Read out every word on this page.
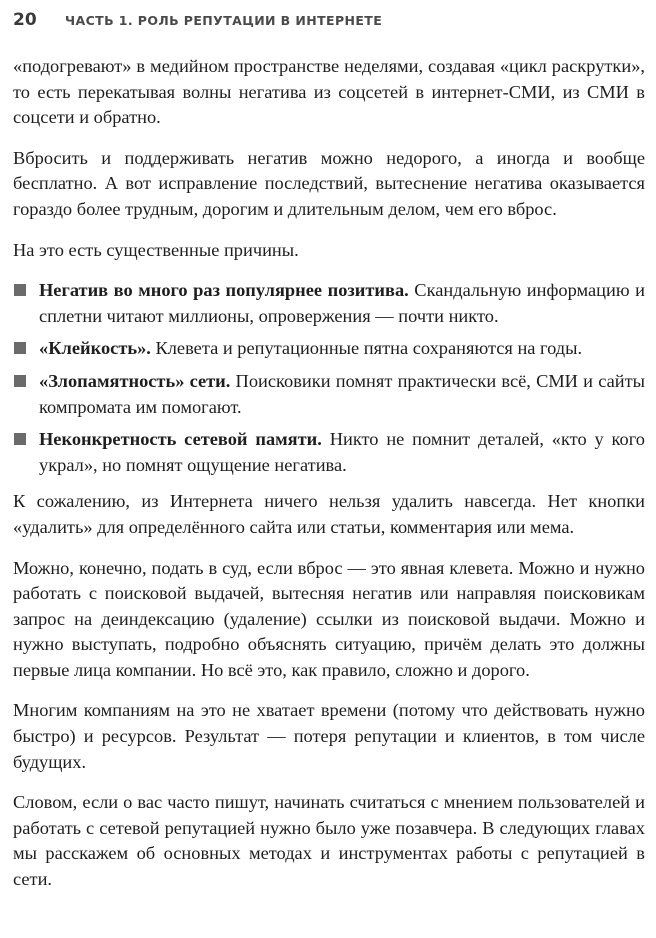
20 ЧАСТЬ 1. РОЛЬ РЕПУТАЦИИ В ИНТЕРНЕТЕ

«подогревают» в медийном пространстве неделями, создавая «цикл раскрутки», то есть перекатывая волны негатива из соцсетей в интернет-СМИ, из СМИ в соцсети и обратно.

Вбросить и поддерживать негатив можно недорого, а иногда и вообще бесплатно. А вот исправление последствий, вытеснение негатива оказывается гораздо более трудным, дорогим и длительным делом, чем его вброс.

На это есть существенные причины.

Негатив во много раз популярнее позитива. Скандальную информацию и сплетни читают миллионы, опровержения — почти никто.
«Клейкость». Клевета и репутационные пятна сохраняются на годы.
«Злопамятность» сети. Поисковики помнят практически всё, СМИ и сайты компромата им помогают.
Неконкретность сетевой памяти. Никто не помнит деталей, «кто у кого украл», но помнят ощущение негатива.

К сожалению, из Интернета ничего нельзя удалить навсегда. Нет кнопки «удалить» для определённого сайта или статьи, комментария или мема.

Можно, конечно, подать в суд, если вброс — это явная клевета. Можно и нужно работать с поисковой выдачей, вытесняя негатив или направляя поисковикам запрос на деиндексацию (удаление) ссылки из поисковой выдачи. Можно и нужно выступать, подробно объяснять ситуацию, причём делать это должны первые лица компании. Но всё это, как правило, сложно и дорого.

Многим компаниям на это не хватает времени (потому что действовать нужно быстро) и ресурсов. Результат — потеря репутации и клиентов, в том числе будущих.

Словом, если о вас часто пишут, начинать считаться с мнением пользователей и работать с сетевой репутацией нужно было уже позавчера. В следующих главах мы расскажем об основных методах и инструментах работы с репутацией в сети.
